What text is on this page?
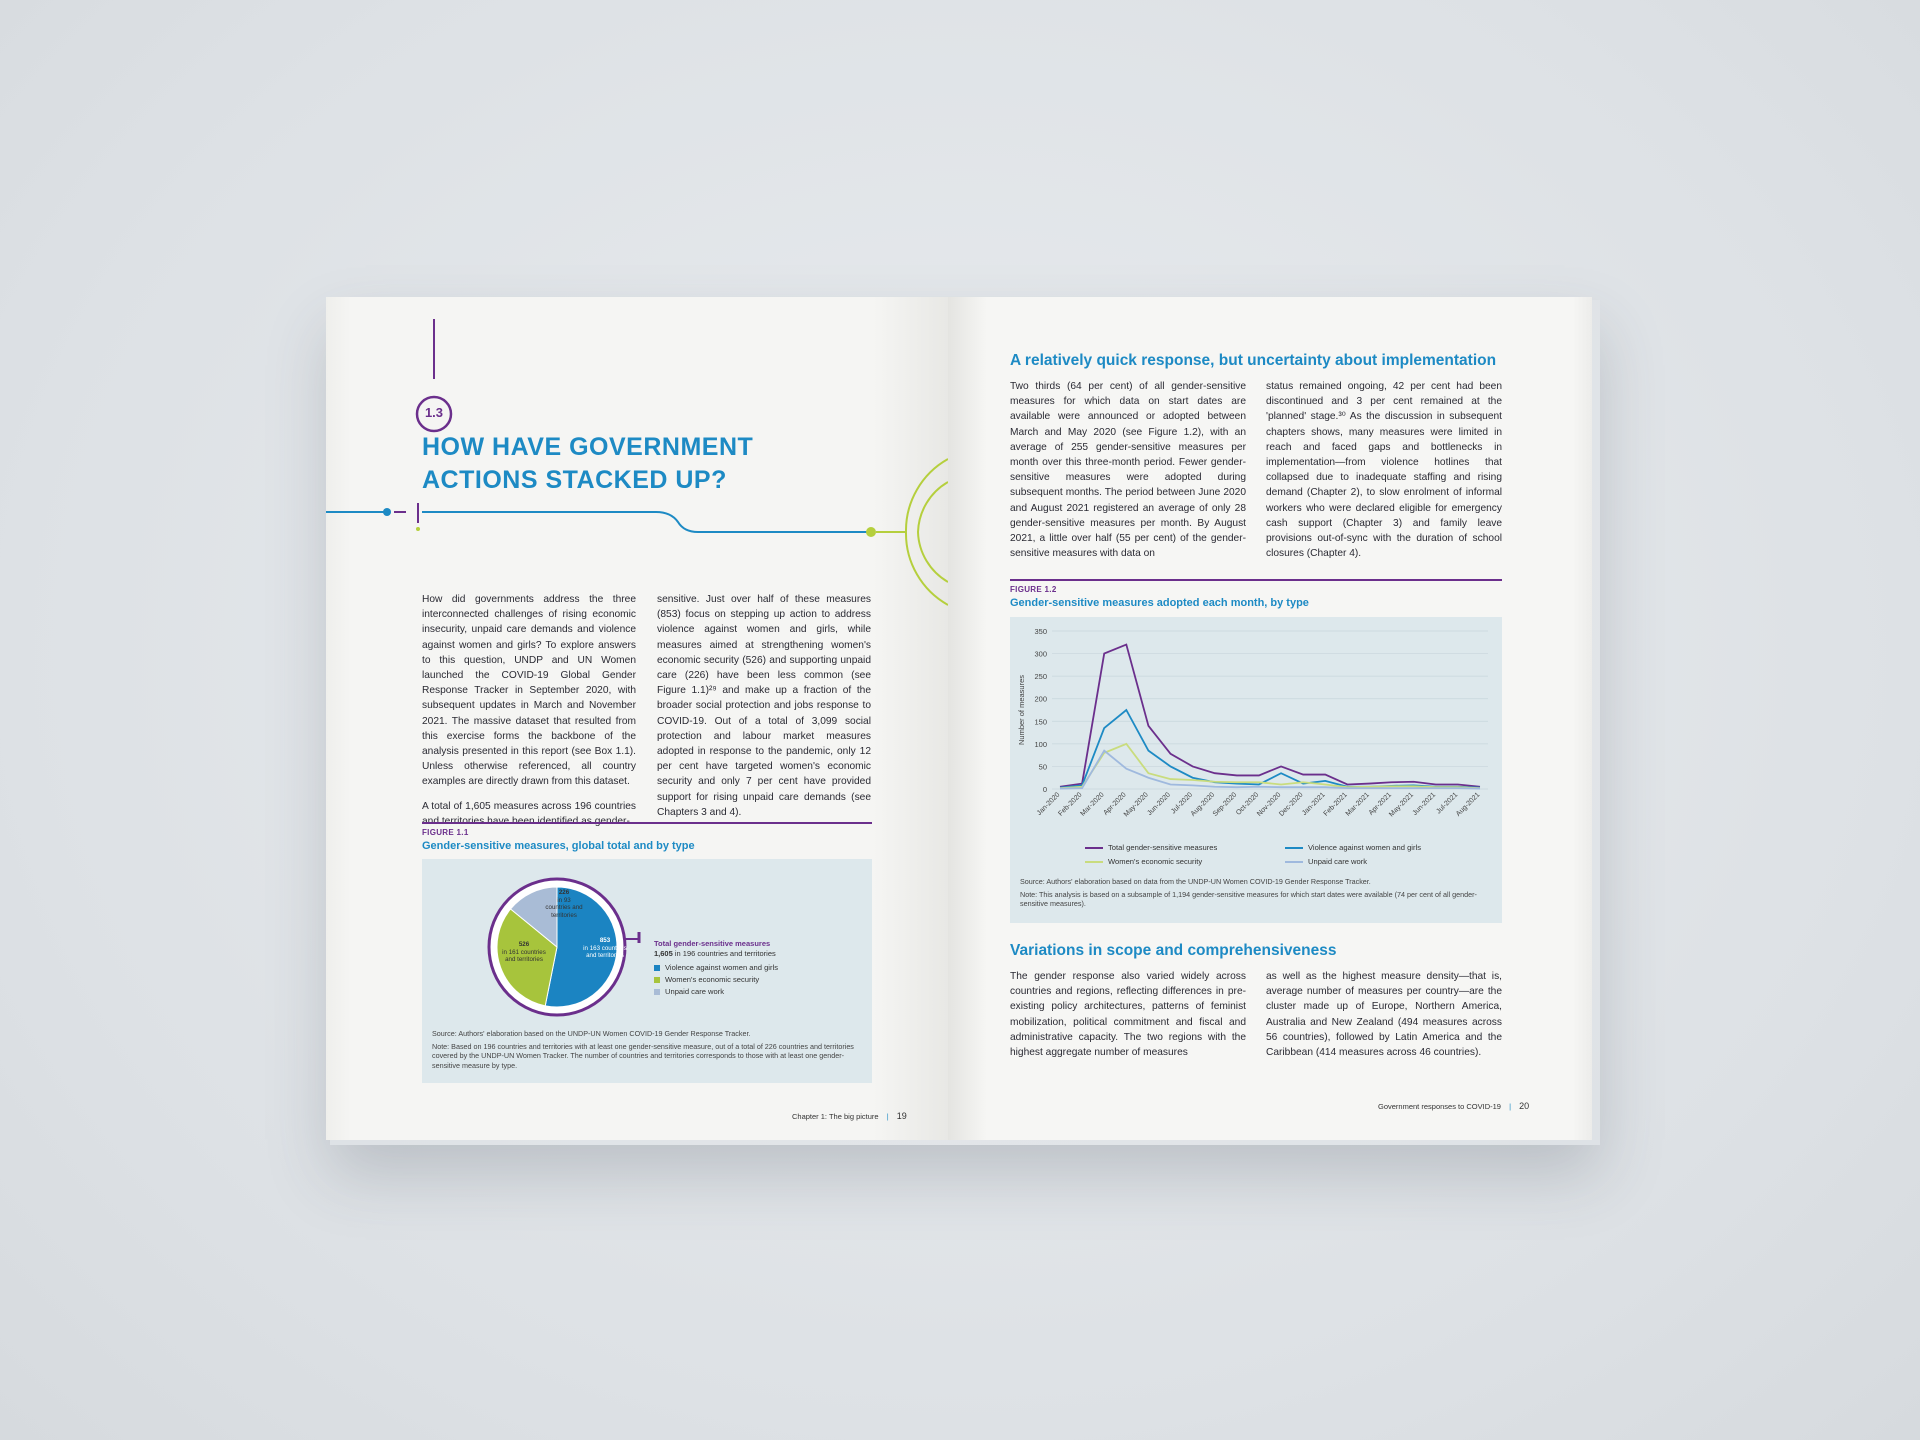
1.3
HOW HAVE GOVERNMENT
ACTIONS STACKED UP?

How did governments address the three interconnected challenges of rising economic insecurity, unpaid care demands and violence against women and girls? To explore answers to this question, UNDP and UN Women launched the COVID-19 Global Gender Response Tracker in September 2020, with subsequent updates in March and November 2021. The massive dataset that resulted from this exercise forms the backbone of the analysis presented in this report (see Box 1.1). Unless otherwise referenced, all country examples are directly drawn from this dataset.

A total of 1,605 measures across 196 countries

sensitive. Just over half of these measures (853) focus on stepping up action to address violence against women and girls, while measures aimed at strengthening women's economic security (526) and supporting unpaid care (226) have been less common (see Figure 1.1)²⁹ and make up a fraction of the broader social protection and jobs response to COVID-19. Out of a total of 3,099 social protection and labour market measures adopted in response to the pandemic, only 12 per cent have targeted women's economic security and only 7 per cent have provided support for rising unpaid care demands (see Chapters 3 and 4).

FIGURE 1.1
Gender-sensitive measures, global total and by type
226
in 93 countries and territories
853
in 163 countries and territories
526
in 161 countries and territories
Total gender-sensitive measures
1,605 in 196 countries and territories
Violence against women and girls
Women's economic security
Unpaid care work
Source: Authors' elaboration based on the UNDP-UN Women COVID-19 Gender Response Tracker.
Note: Based on 196 countries and territories with at least one gender-sensitive measure, out of a total of 226 countries and territories covered by the UNDP-UN Women Tracker. The number of countries and territories corresponds to those with at least one gender-sensitive measure by type.
Chapter 1: The big picture | 19
A relatively quick response, but uncertainty about implementation
Two thirds (64 per cent) of all gender-sensitive measures for which data on start dates are available were announced or adopted between March and May 2020 (see Figure 1.2), with an average of 255 gender-sensitive measures per month over this three-month period. Fewer gender-sensitive measures were adopted during subsequent months. The period between June 2020 and August 2021 registered an average of only 28 gender-sensitive measures per month. By August 2021, a little over half (55 per cent) of the gender-sensitive measures with data on
status remained ongoing, 42 per cent had been discontinued and 3 per cent remained at the 'planned' stage.³⁰ As the discussion in subsequent chapters shows, many measures were limited in reach and faced gaps and bottlenecks in implementation—from violence hotlines that collapsed due to inadequate staffing and rising demand (Chapter 2), to slow enrolment of informal workers who were declared eligible for emergency cash support (Chapter 3) and family leave provisions out-of-sync with the duration of school closures (Chapter 4).
FIGURE 1.2
Gender-sensitive measures adopted each month, by type
0
50
100
150
200
250
300
350
Number of measures
Jan-2020
Feb-2020
Mar-2020
Apr-2020
May-2020
Jun-2020
Jul-2020
Aug-2020
Sep-2020
Oct-2020
Nov-2020
Dec-2020
Jan-2021
Feb-2021
Mar-2021
Apr-2021
May-2021
Jun-2021
Jul-2021
Aug-2021
Total gender-sensitive measures	Violence against women and girls
Women's economic security	Unpaid care work
Source: Authors' elaboration based on data from the UNDP-UN Women COVID-19 Gender Response Tracker.
Note: This analysis is based on a subsample of 1,194 gender-sensitive measures for which start dates were available (74 per cent of all gender-sensitive measures).
Variations in scope and comprehensiveness
The gender response also varied widely across countries and regions, reflecting differences in pre-existing policy architectures, patterns of feminist mobilization, political commitment and fiscal and administrative capacity. The two regions with the highest aggregate number of measures
as well as the highest measure density—that is, average number of measures per country—are the cluster made up of Europe, Northern America, Australia and New Zealand (494 measures across 56 countries), followed by Latin America and the Caribbean (414 measures across 46 countries).
Government responses to COVID-19 | 20
